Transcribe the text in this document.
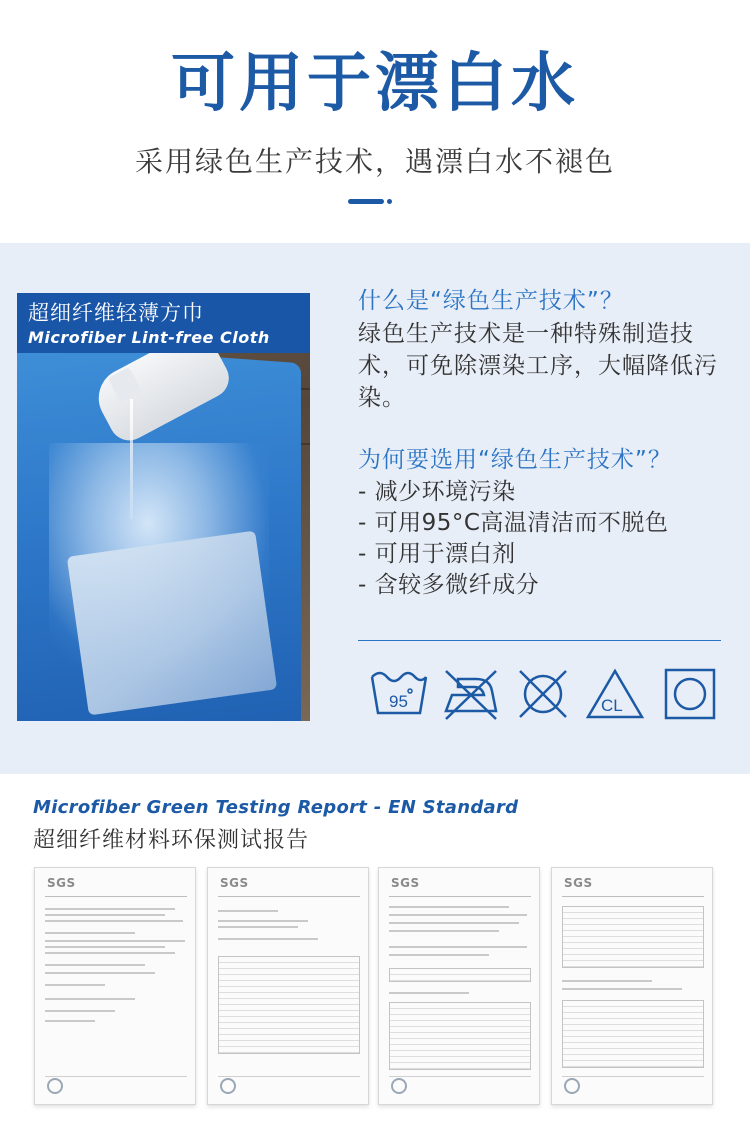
可用于漂白水
采用绿色生产技术，遇漂白水不褪色
超细纤维轻薄方巾
Microfiber Lint-free Cloth
什么是“绿色生产技术”？
绿色生产技术是一种特殊制造技术，可免除漂染工序，大幅降低污染。
为何要选用“绿色生产技术”？
- 减少环境污染
- 可用95°C高温清洁而不脱色
- 可用于漂白剂
- 含较多微纤成分
95	CL
Microfiber Green Testing Report - EN Standard
超细纤维材料环保测试报告
SGS	SGS	SGS	SGS
